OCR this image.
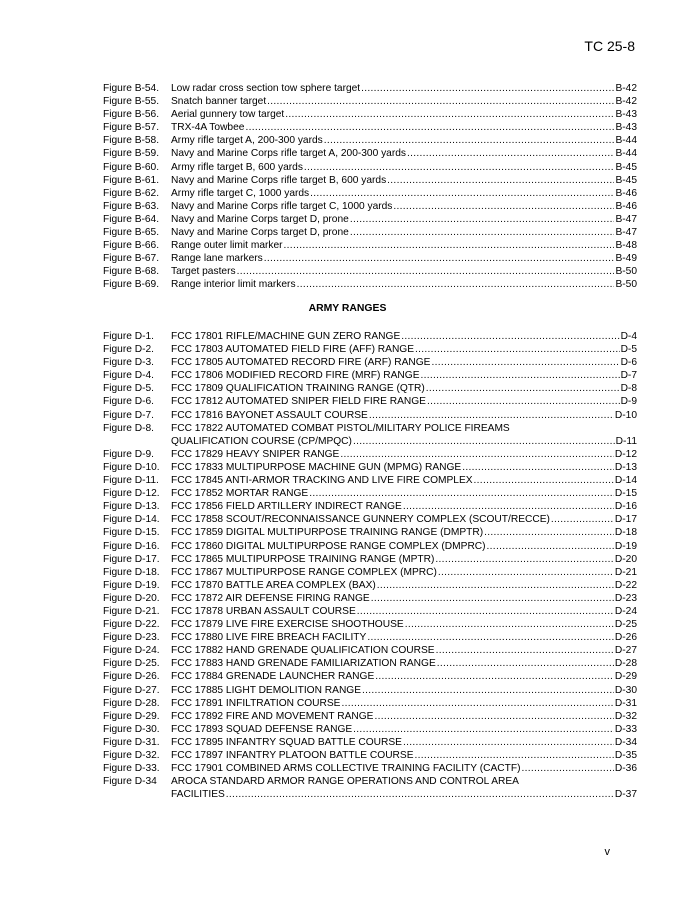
TC 25-8
Figure B-54.	Low radar cross section tow sphere target .....	B-42
Figure B-55.	Snatch banner target .....	B-42
Figure B-56.	Aerial gunnery tow target .....	B-43
Figure B-57.	TRX-4A Towbee .....	B-43
Figure B-58.	Army rifle target A, 200-300 yards .....	B-44
Figure B-59.	Navy and Marine Corps rifle target A, 200-300 yards .....	B-44
Figure B-60.	Army rifle target B, 600 yards .....	B-45
Figure B-61.	Navy and Marine Corps rifle target B, 600 yards .....	B-45
Figure B-62.	Army rifle target C, 1000 yards .....	B-46
Figure B-63.	Navy and Marine Corps rifle target C, 1000 yards .....	B-46
Figure B-64.	Navy and Marine Corps target D, prone .....	B-47
Figure B-65.	Navy and Marine Corps target D, prone .....	B-47
Figure B-66.	Range outer limit marker .....	B-48
Figure B-67.	Range lane markers .....	B-49
Figure B-68.	Target pasters .....	B-50
Figure B-69.	Range interior limit markers .....	B-50
ARMY RANGES
Figure D-1.	FCC 17801 RIFLE/MACHINE GUN ZERO RANGE .....	D-4
Figure D-2.	FCC 17803 AUTOMATED FIELD FIRE (AFF) RANGE .....	D-5
Figure D-3.	FCC 17805 AUTOMATED RECORD FIRE (ARF) RANGE .....	D-6
Figure D-4.	FCC 17806 MODIFIED RECORD FIRE (MRF) RANGE .....	D-7
Figure D-5.	FCC 17809 QUALIFICATION TRAINING RANGE (QTR) .....	D-8
Figure D-6.	FCC 17812 AUTOMATED SNIPER FIELD FIRE RANGE .....	D-9
Figure D-7.	FCC 17816 BAYONET ASSAULT COURSE .....	D-10
Figure D-8.	FCC 17822 AUTOMATED COMBAT PISTOL/MILITARY POLICE FIREAMS
QUALIFICATION COURSE (CP/MPQC) .....	D-11
Figure D-9.	FCC 17829 HEAVY SNIPER RANGE .....	D-12
Figure D-10.	FCC 17833 MULTIPURPOSE MACHINE GUN (MPMG) RANGE .....	D-13
Figure D-11.	FCC 17845 ANTI-ARMOR TRACKING AND LIVE FIRE COMPLEX .....	D-14
Figure D-12.	FCC 17852 MORTAR RANGE .....	D-15
Figure D-13.	FCC 17856 FIELD ARTILLERY INDIRECT RANGE .....	D-16
Figure D-14.	FCC 17858 SCOUT/RECONNAISSANCE GUNNERY COMPLEX (SCOUT/RECCE) .....	D-17
Figure D-15.	FCC 17859 DIGITAL MULTIPURPOSE TRAINING RANGE (DMPTR) .....	D-18
Figure D-16.	FCC 17860 DIGITAL MULTIPURPOSE RANGE COMPLEX (DMPRC) .....	D-19
Figure D-17.	FCC 17865 MULTIPURPOSE TRAINING RANGE (MPTR) .....	D-20
Figure D-18.	FCC 17867 MULTIPURPOSE RANGE COMPLEX (MPRC) .....	D-21
Figure D-19.	FCC 17870 BATTLE AREA COMPLEX (BAX) .....	D-22
Figure D-20.	FCC 17872 AIR DEFENSE FIRING RANGE .....	D-23
Figure D-21.	FCC 17878 URBAN ASSAULT COURSE .....	D-24
Figure D-22.	FCC 17879 LIVE FIRE EXERCISE SHOOTHOUSE .....	D-25
Figure D-23.	FCC 17880 LIVE FIRE BREACH FACILITY .....	D-26
Figure D-24.	FCC 17882 HAND GRENADE QUALIFICATION COURSE .....	D-27
Figure D-25.	FCC 17883 HAND GRENADE FAMILIARIZATION RANGE .....	D-28
Figure D-26.	FCC 17884 GRENADE LAUNCHER RANGE .....	D-29
Figure D-27.	FCC 17885 LIGHT DEMOLITION RANGE .....	D-30
Figure D-28.	FCC 17891 INFILTRATION COURSE .....	D-31
Figure D-29.	FCC 17892 FIRE AND MOVEMENT RANGE .....	D-32
Figure D-30.	FCC 17893 SQUAD DEFENSE RANGE .....	D-33
Figure D-31.	FCC 17895 INFANTRY SQUAD BATTLE COURSE .....	D-34
Figure D-32.	FCC 17897 INFANTRY PLATOON BATTLE COURSE .....	D-35
Figure D-33.	FCC 17901 COMBINED ARMS COLLECTIVE TRAINING FACILITY (CACTF) .....	D-36
Figure D-34	AROCA STANDARD ARMOR RANGE OPERATIONS AND CONTROL AREA
FACILITIES .....	D-37
v
